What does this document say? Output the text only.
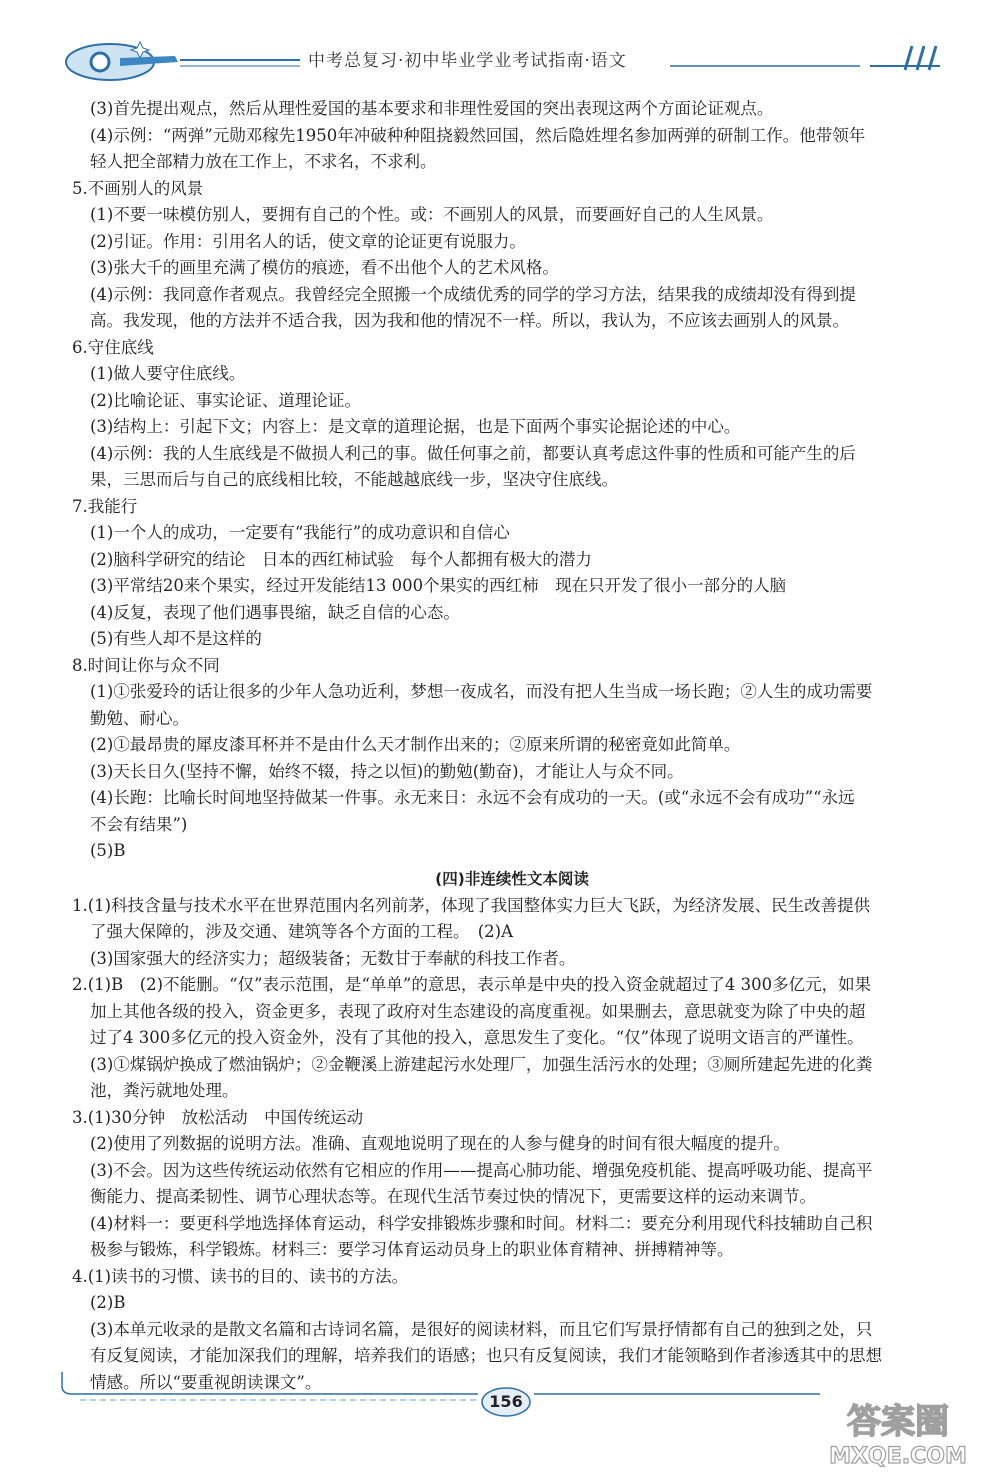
中考总复习·初中毕业学业考试指南·语文
(3)首先提出观点，然后从理性爱国的基本要求和非理性爱国的突出表现这两个方面论证观点。
(4)示例：“两弹”元勋邓稼先1950年冲破种种阻挠毅然回国，然后隐姓埋名参加两弹的研制工作。他带领年
轻人把全部精力放在工作上，不求名，不求利。
5.不画别人的风景
(1)不要一味模仿别人，要拥有自己的个性。或：不画别人的风景，而要画好自己的人生风景。
(2)引证。作用：引用名人的话，使文章的论证更有说服力。
(3)张大千的画里充满了模仿的痕迹，看不出他个人的艺术风格。
(4)示例：我同意作者观点。我曾经完全照搬一个成绩优秀的同学的学习方法，结果我的成绩却没有得到提
高。我发现，他的方法并不适合我，因为我和他的情况不一样。所以，我认为，不应该去画别人的风景。
6.守住底线
(1)做人要守住底线。
(2)比喻论证、事实论证、道理论证。
(3)结构上：引起下文；内容上：是文章的道理论据，也是下面两个事实论据论述的中心。
(4)示例：我的人生底线是不做损人利己的事。做任何事之前，都要认真考虑这件事的性质和可能产生的后
果，三思而后与自己的底线相比较，不能越越底线一步，坚决守住底线。
7.我能行
(1)一个人的成功，一定要有“我能行”的成功意识和自信心
(2)脑科学研究的结论　日本的西红柿试验　每个人都拥有极大的潜力
(3)平常结20来个果实，经过开发能结13 000个果实的西红柿　现在只开发了很小一部分的人脑
(4)反复，表现了他们遇事畏缩，缺乏自信的心态。
(5)有些人却不是这样的
8.时间让你与众不同
(1)①张爱玲的话让很多的少年人急功近利，梦想一夜成名，而没有把人生当成一场长跑；②人生的成功需要
勤勉、耐心。
(2)①最昂贵的犀皮漆耳杯并不是由什么天才制作出来的；②原来所谓的秘密竟如此简单。
(3)天长日久(坚持不懈，始终不辍，持之以恒)的勤勉(勤奋)，才能让人与众不同。
(4)长跑：比喻长时间地坚持做某一件事。永无来日：永远不会有成功的一天。(或“永远不会有成功”“永远
不会有结果”)
(5)B
(四)非连续性文本阅读
1.(1)科技含量与技术水平在世界范围内名列前茅，体现了我国整体实力巨大飞跃，为经济发展、民生改善提供
了强大保障的，涉及交通、建筑等各个方面的工程。　(2)A
(3)国家强大的经济实力；超级装备；无数甘于奉献的科技工作者。
2.(1)B　(2)不能删。“仅”表示范围，是“单单”的意思，表示单是中央的投入资金就超过了4 300多亿元，如果
加上其他各级的投入，资金更多，表现了政府对生态建设的高度重视。如果删去，意思就变为除了中央的超
过了4 300多亿元的投入资金外，没有了其他的投入，意思发生了变化。“仅”体现了说明文语言的严谨性。
(3)①煤锅炉换成了燃油锅炉；②金鞭溪上游建起污水处理厂，加强生活污水的处理；③厕所建起先进的化粪
池，粪污就地处理。
3.(1)30分钟　放松活动　中国传统运动
(2)使用了列数据的说明方法。准确、直观地说明了现在的人参与健身的时间有很大幅度的提升。
(3)不会。因为这些传统运动依然有它相应的作用——提高心肺功能、增强免疫机能、提高呼吸功能、提高平
衡能力、提高柔韧性、调节心理状态等。在现代生活节奏过快的情况下，更需要这样的运动来调节。
(4)材料一：要更科学地选择体育运动，科学安排锻炼步骤和时间。材料二：要充分利用现代科技辅助自己积
极参与锻炼，科学锻炼。材料三：要学习体育运动员身上的职业体育精神、拼搏精神等。
4.(1)读书的习惯、读书的目的、读书的方法。
(2)B
(3)本单元收录的是散文名篇和古诗词名篇，是很好的阅读材料，而且它们写景抒情都有自己的独到之处，只
有反复阅读，才能加深我们的理解，培养我们的语感；也只有反复阅读，我们才能领略到作者渗透其中的思想
情感。所以“要重视朗读课文”。
156
答案圈
MXQE.COM
